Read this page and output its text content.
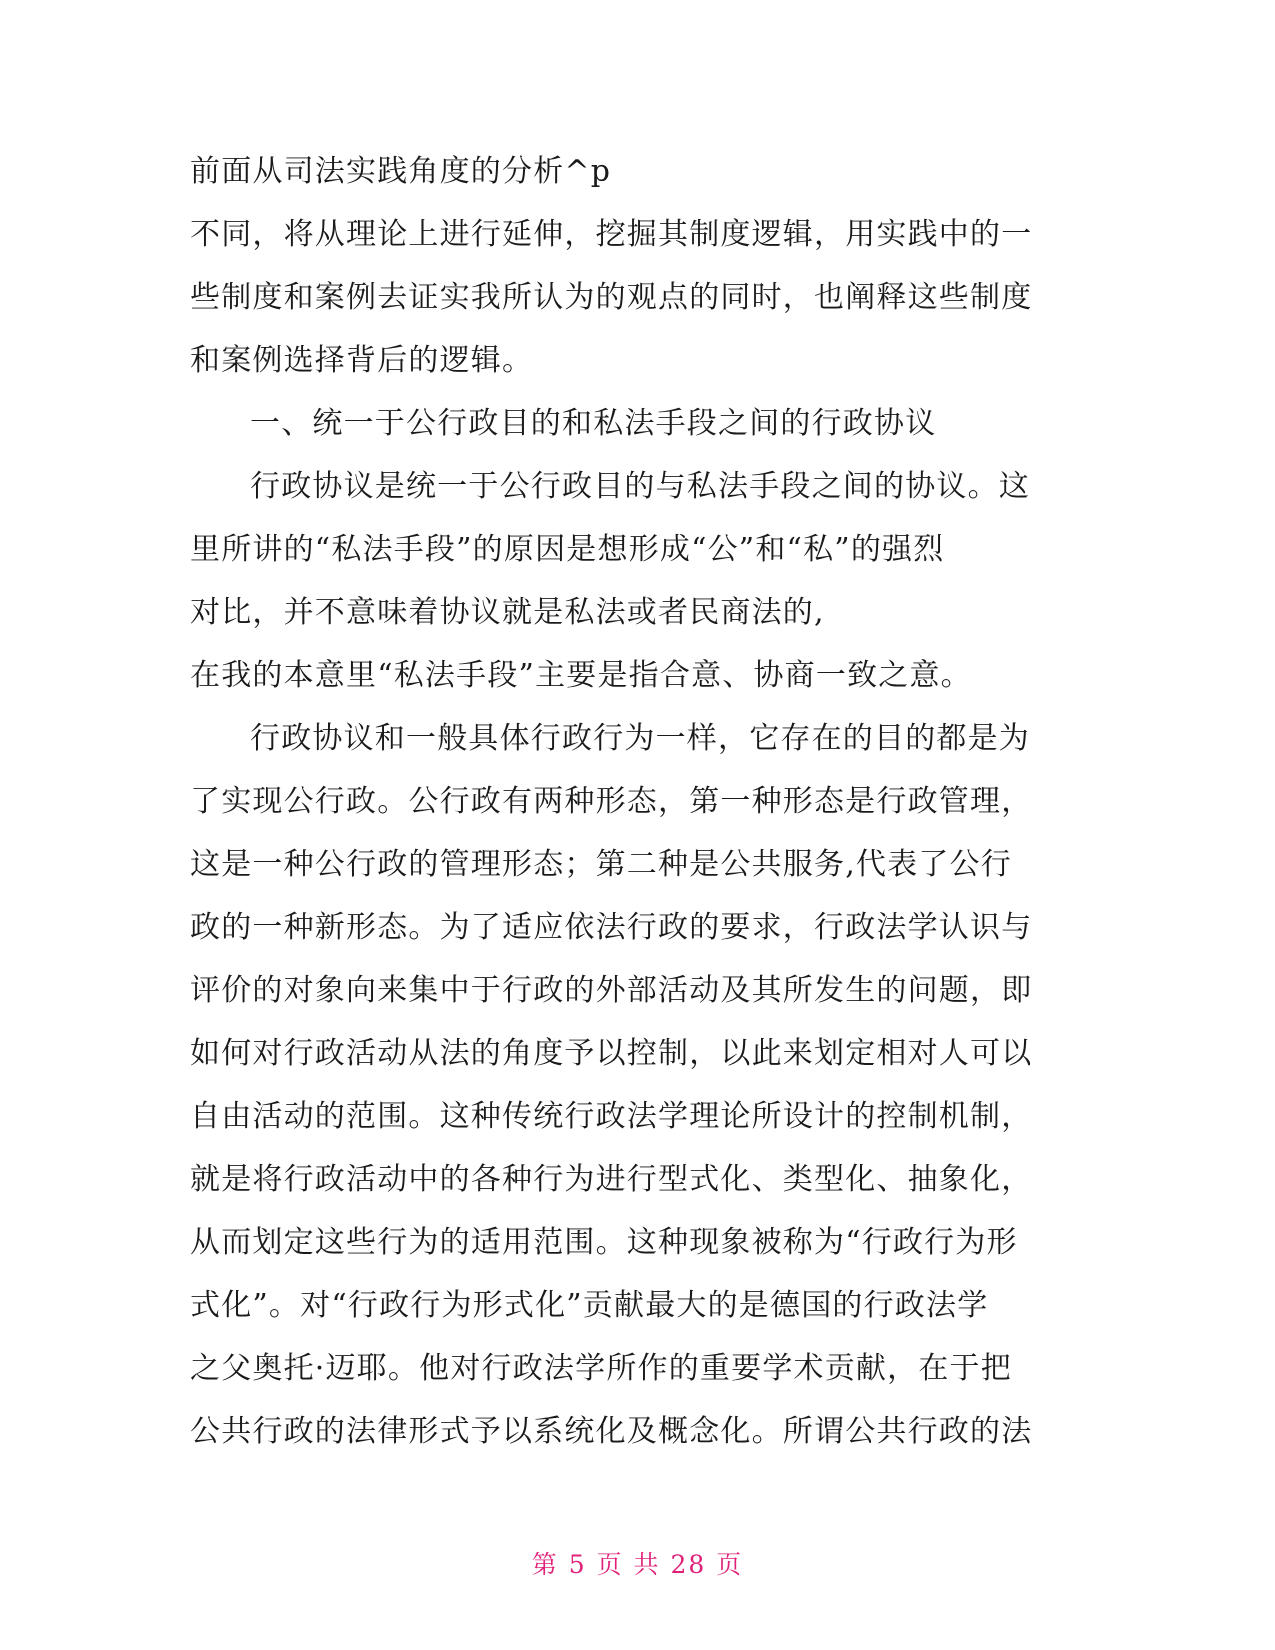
前面从司法实践角度的分析^p
不同，将从理论上进行延伸，挖掘其制度逻辑，用实践中的一
些制度和案例去证实我所认为的观点的同时，也阐释这些制度
和案例选择背后的逻辑。
一、统一于公行政目的和私法手段之间的行政协议
行政协议是统一于公行政目的与私法手段之间的协议。这
里所讲的“私法手段”的原因是想形成“公”和“私”的强烈
对比，并不意味着协议就是私法或者民商法的,
在我的本意里“私法手段”主要是指合意、协商一致之意。
行政协议和一般具体行政行为一样，它存在的目的都是为
了实现公行政。公行政有两种形态，第一种形态是行政管理，
这是一种公行政的管理形态；第二种是公共服务,代表了公行
政的一种新形态。为了适应依法行政的要求，行政法学认识与
评价的对象向来集中于行政的外部活动及其所发生的问题，即
如何对行政活动从法的角度予以控制，以此来划定相对人可以
自由活动的范围。这种传统行政法学理论所设计的控制机制，
就是将行政活动中的各种行为进行型式化、类型化、抽象化，
从而划定这些行为的适用范围。这种现象被称为“行政行为形
式化”。对“行政行为形式化”贡献最大的是德国的行政法学
之父奥托·迈耶。他对行政法学所作的重要学术贡献，在于把
公共行政的法律形式予以系统化及概念化。所谓公共行政的法
第 5 页 共 28 页
